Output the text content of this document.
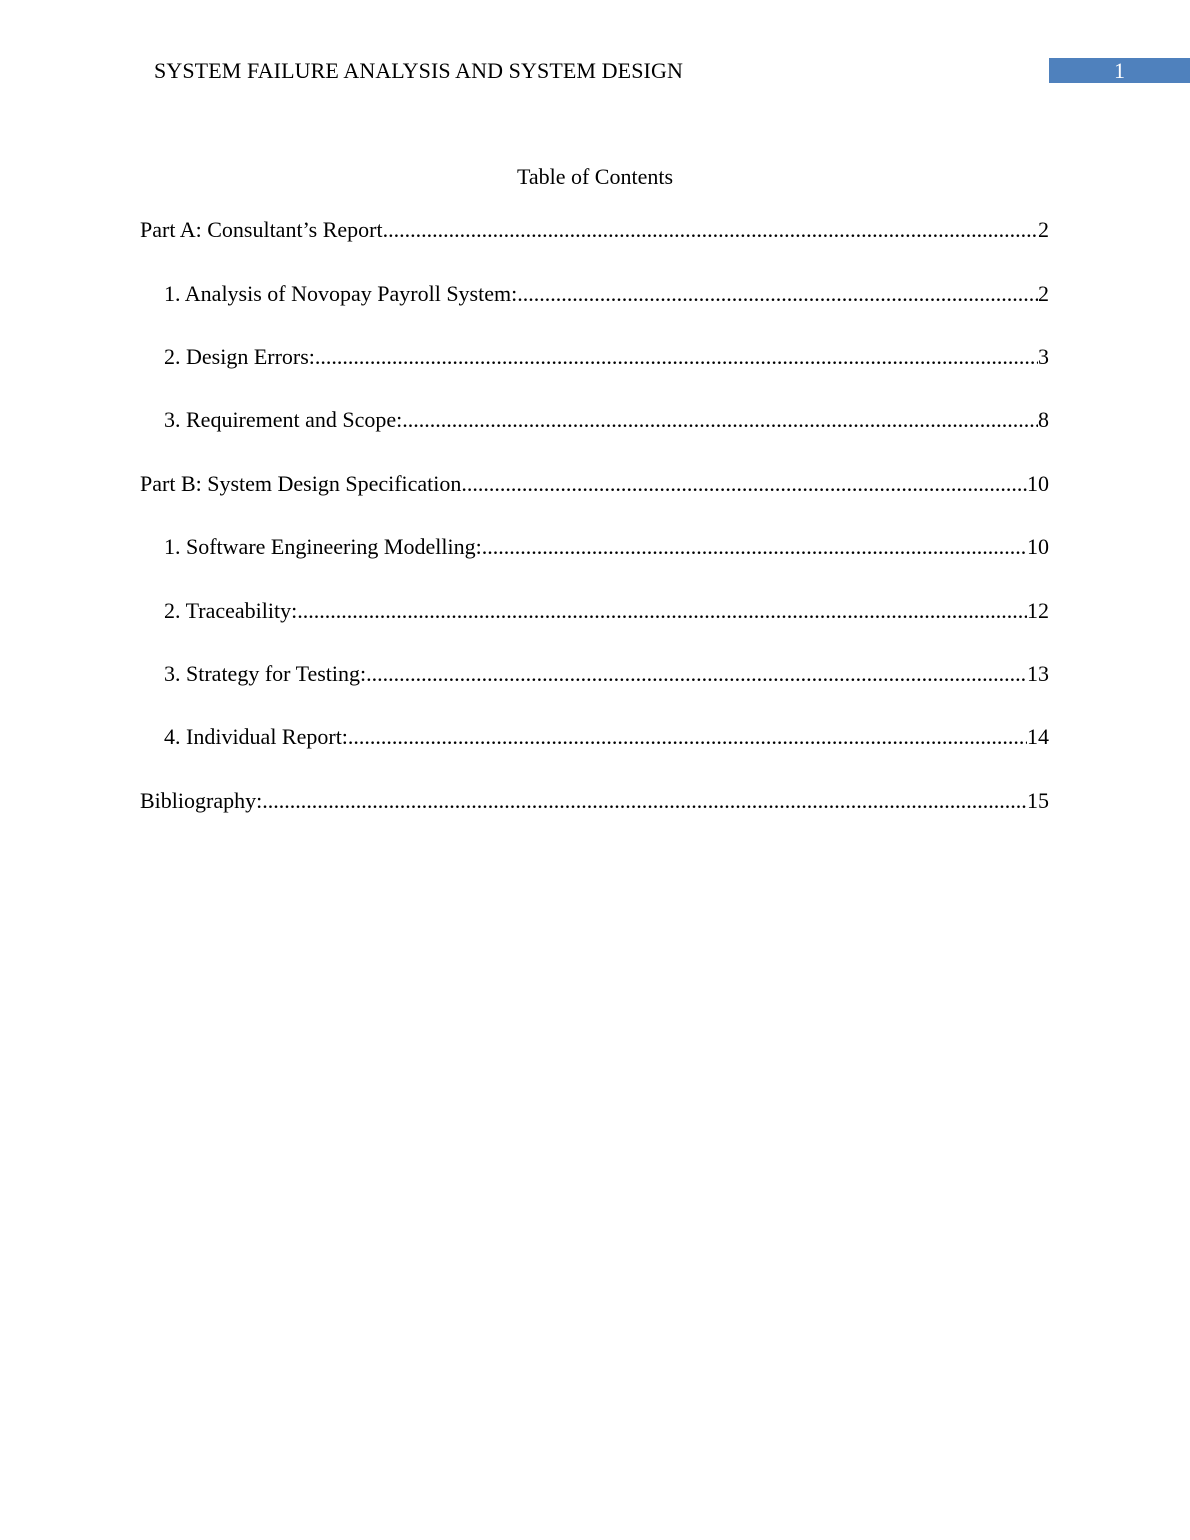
SYSTEM FAILURE ANALYSIS AND SYSTEM DESIGN	1
Table of Contents
Part A: Consultant’s Report .....	2
1. Analysis of Novopay Payroll System: .....	2
2. Design Errors: .....	3
3. Requirement and Scope: .....	8
Part B: System Design Specification .....	10
1. Software Engineering Modelling: .....	10
2. Traceability: .....	12
3. Strategy for Testing: .....	13
4. Individual Report: .....	14
Bibliography: .....	15
